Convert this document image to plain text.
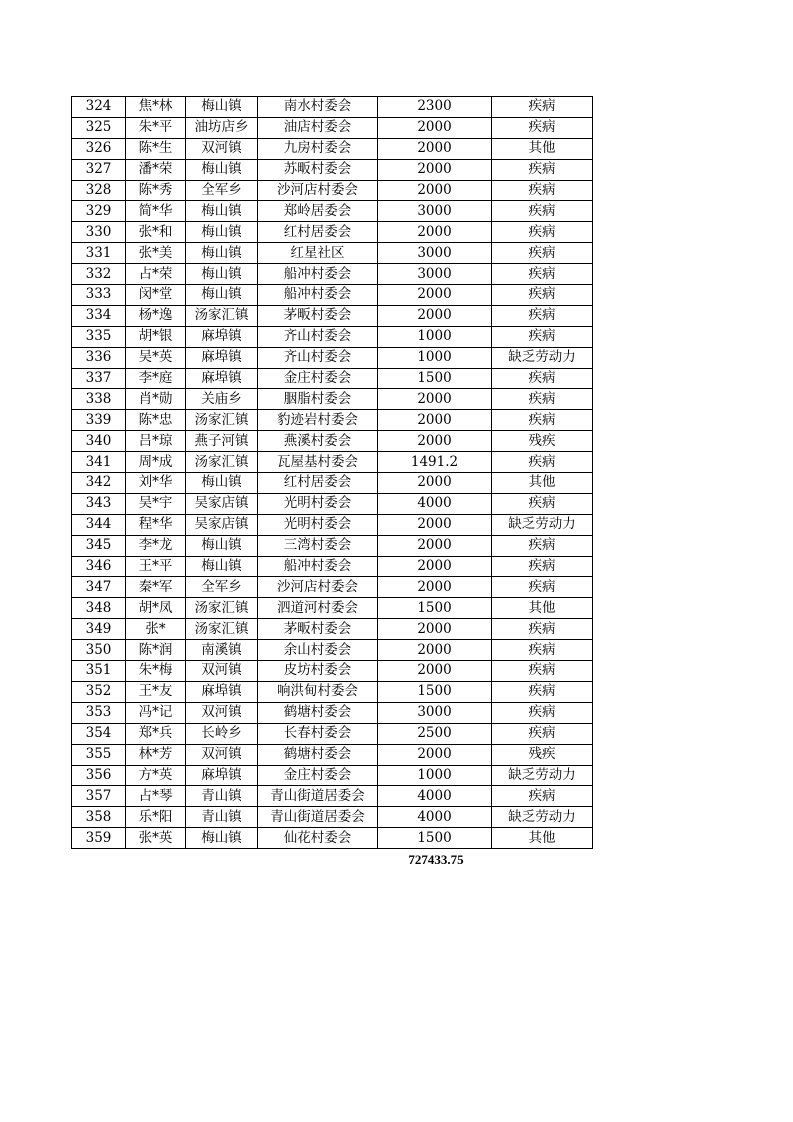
324	焦*林	梅山镇	南水村委会	2300	疾病
325	朱*平	油坊店乡	油店村委会	2000	疾病
326	陈*生	双河镇	九房村委会	2000	其他
327	潘*荣	梅山镇	苏畈村委会	2000	疾病
328	陈*秀	全军乡	沙河店村委会	2000	疾病
329	简*华	梅山镇	郑岭居委会	3000	疾病
330	张*和	梅山镇	红村居委会	2000	疾病
331	张*美	梅山镇	红星社区	3000	疾病
332	占*荣	梅山镇	船冲村委会	3000	疾病
333	闵*堂	梅山镇	船冲村委会	2000	疾病
334	杨*逸	汤家汇镇	茅畈村委会	2000	疾病
335	胡*银	麻埠镇	齐山村委会	1000	疾病
336	吴*英	麻埠镇	齐山村委会	1000	缺乏劳动力
337	李*庭	麻埠镇	金庄村委会	1500	疾病
338	肖*勋	关庙乡	胭脂村委会	2000	疾病
339	陈*忠	汤家汇镇	豹迹岩村委会	2000	疾病
340	吕*琼	燕子河镇	燕溪村委会	2000	残疾
341	周*成	汤家汇镇	瓦屋基村委会	1491.2	疾病
342	刘*华	梅山镇	红村居委会	2000	其他
343	吴*宇	吴家店镇	光明村委会	4000	疾病
344	程*华	吴家店镇	光明村委会	2000	缺乏劳动力
345	李*龙	梅山镇	三湾村委会	2000	疾病
346	王*平	梅山镇	船冲村委会	2000	疾病
347	秦*军	全军乡	沙河店村委会	2000	疾病
348	胡*凤	汤家汇镇	泗道河村委会	1500	其他
349	张*	汤家汇镇	茅畈村委会	2000	疾病
350	陈*润	南溪镇	余山村委会	2000	疾病
351	朱*梅	双河镇	皮坊村委会	2000	疾病
352	王*友	麻埠镇	响洪甸村委会	1500	疾病
353	冯*记	双河镇	鹤塘村委会	3000	疾病
354	郑*兵	长岭乡	长春村委会	2500	疾病
355	林*芳	双河镇	鹤塘村委会	2000	残疾
356	方*英	麻埠镇	金庄村委会	1000	缺乏劳动力
357	占*琴	青山镇	青山街道居委会	4000	疾病
358	乐*阳	青山镇	青山街道居委会	4000	缺乏劳动力
359	张*英	梅山镇	仙花村委会	1500	其他
727433.75
